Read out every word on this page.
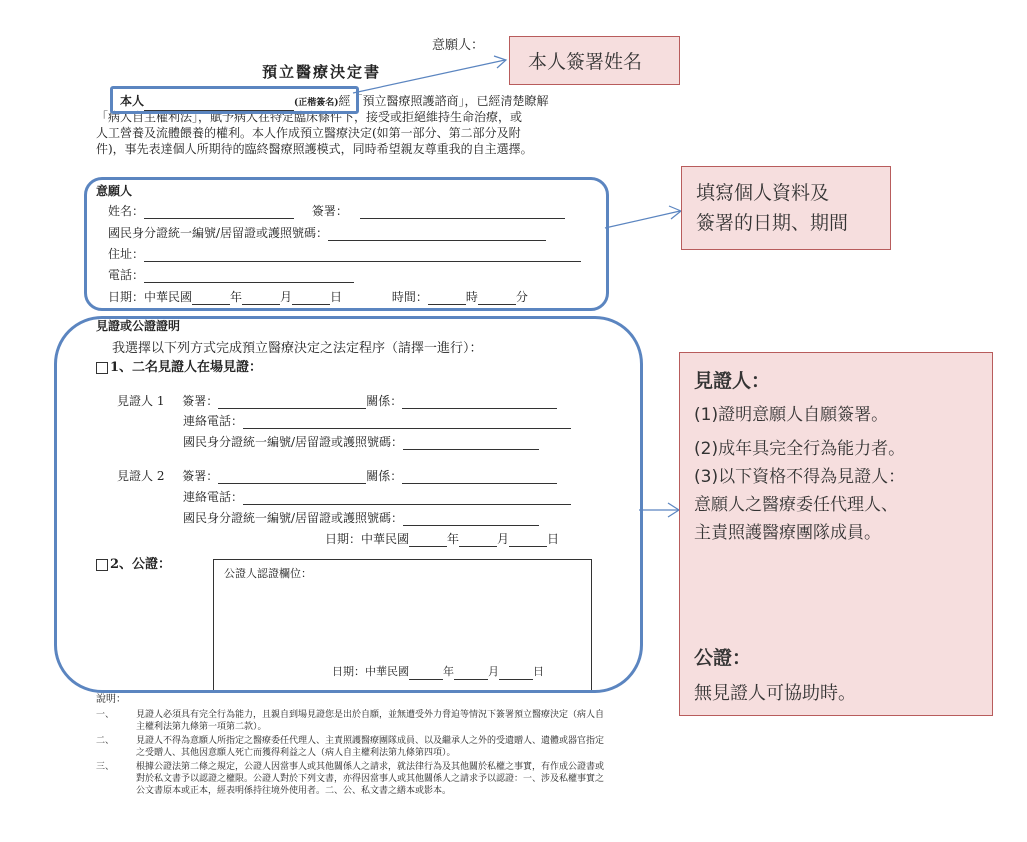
意願人：
預立醫療決定書
本人	(正楷簽名)經「預立醫療照護諮商」，已經清楚瞭解
「病人自主權利法」，賦予病人在特定臨床條件下，接受或拒絕維持生命治療，或
人工營養及流體餵養的權利。本人作成預立醫療決定(如第一部分、第二部分及附
件)，事先表達個人所期待的臨終醫療照護模式，同時希望親友尊重我的自主選擇。
意願人
姓名：	簽署：
國民身分證統一編號/居留證或護照號碼：
住址：
電話：
日期：中華民國	年	月	日	時間：	時	分
見證或公證證明
我選擇以下列方式完成預立醫療決定之法定程序（請擇一進行）：
1、二名見證人在場見證：
見證人 1 簽署：	關係：
連絡電話：
國民身分證統一編號/居留證或護照號碼：
見證人 2 簽署：	關係：
連絡電話：
國民身分證統一編號/居留證或護照號碼：
日期：中華民國	年	月	日
2、公證：
公證人認證欄位：
日期：中華民國	年	月	日
說明：
一、 見證人必須具有完全行為能力，且親自到場見證您是出於自願，並無遭受外力脅迫等情況下簽署預立醫療決定（病人自主權利法第九條第一項第二款）。
二、 見證人不得為意願人所指定之醫療委任代理人、主責照護醫療團隊成員、以及繼承人之外的受遺贈人、遺體或器官指定之受贈人、其他因意願人死亡而獲得利益之人（病人自主權利法第九條第四項）。
三、 根據公證法第二條之規定，公證人因當事人或其他關係人之請求，就法律行為及其他關於私權之事實，有作成公證書或對於私文書予以認證之權限。公證人對於下列文書，亦得因當事人或其他關係人之請求予以認證：一、涉及私權事實之公文書原本或正本，經表明係持往境外使用者。二、公、私文書之繕本或影本。
本人簽署姓名
填寫個人資料及
簽署的日期、期間
見證人：
(1)證明意願人自願簽署。
(2)成年具完全行為能力者。
(3)以下資格不得為見證人：
意願人之醫療委任代理人、
主責照護醫療團隊成員。
公證：
無見證人可協助時。
